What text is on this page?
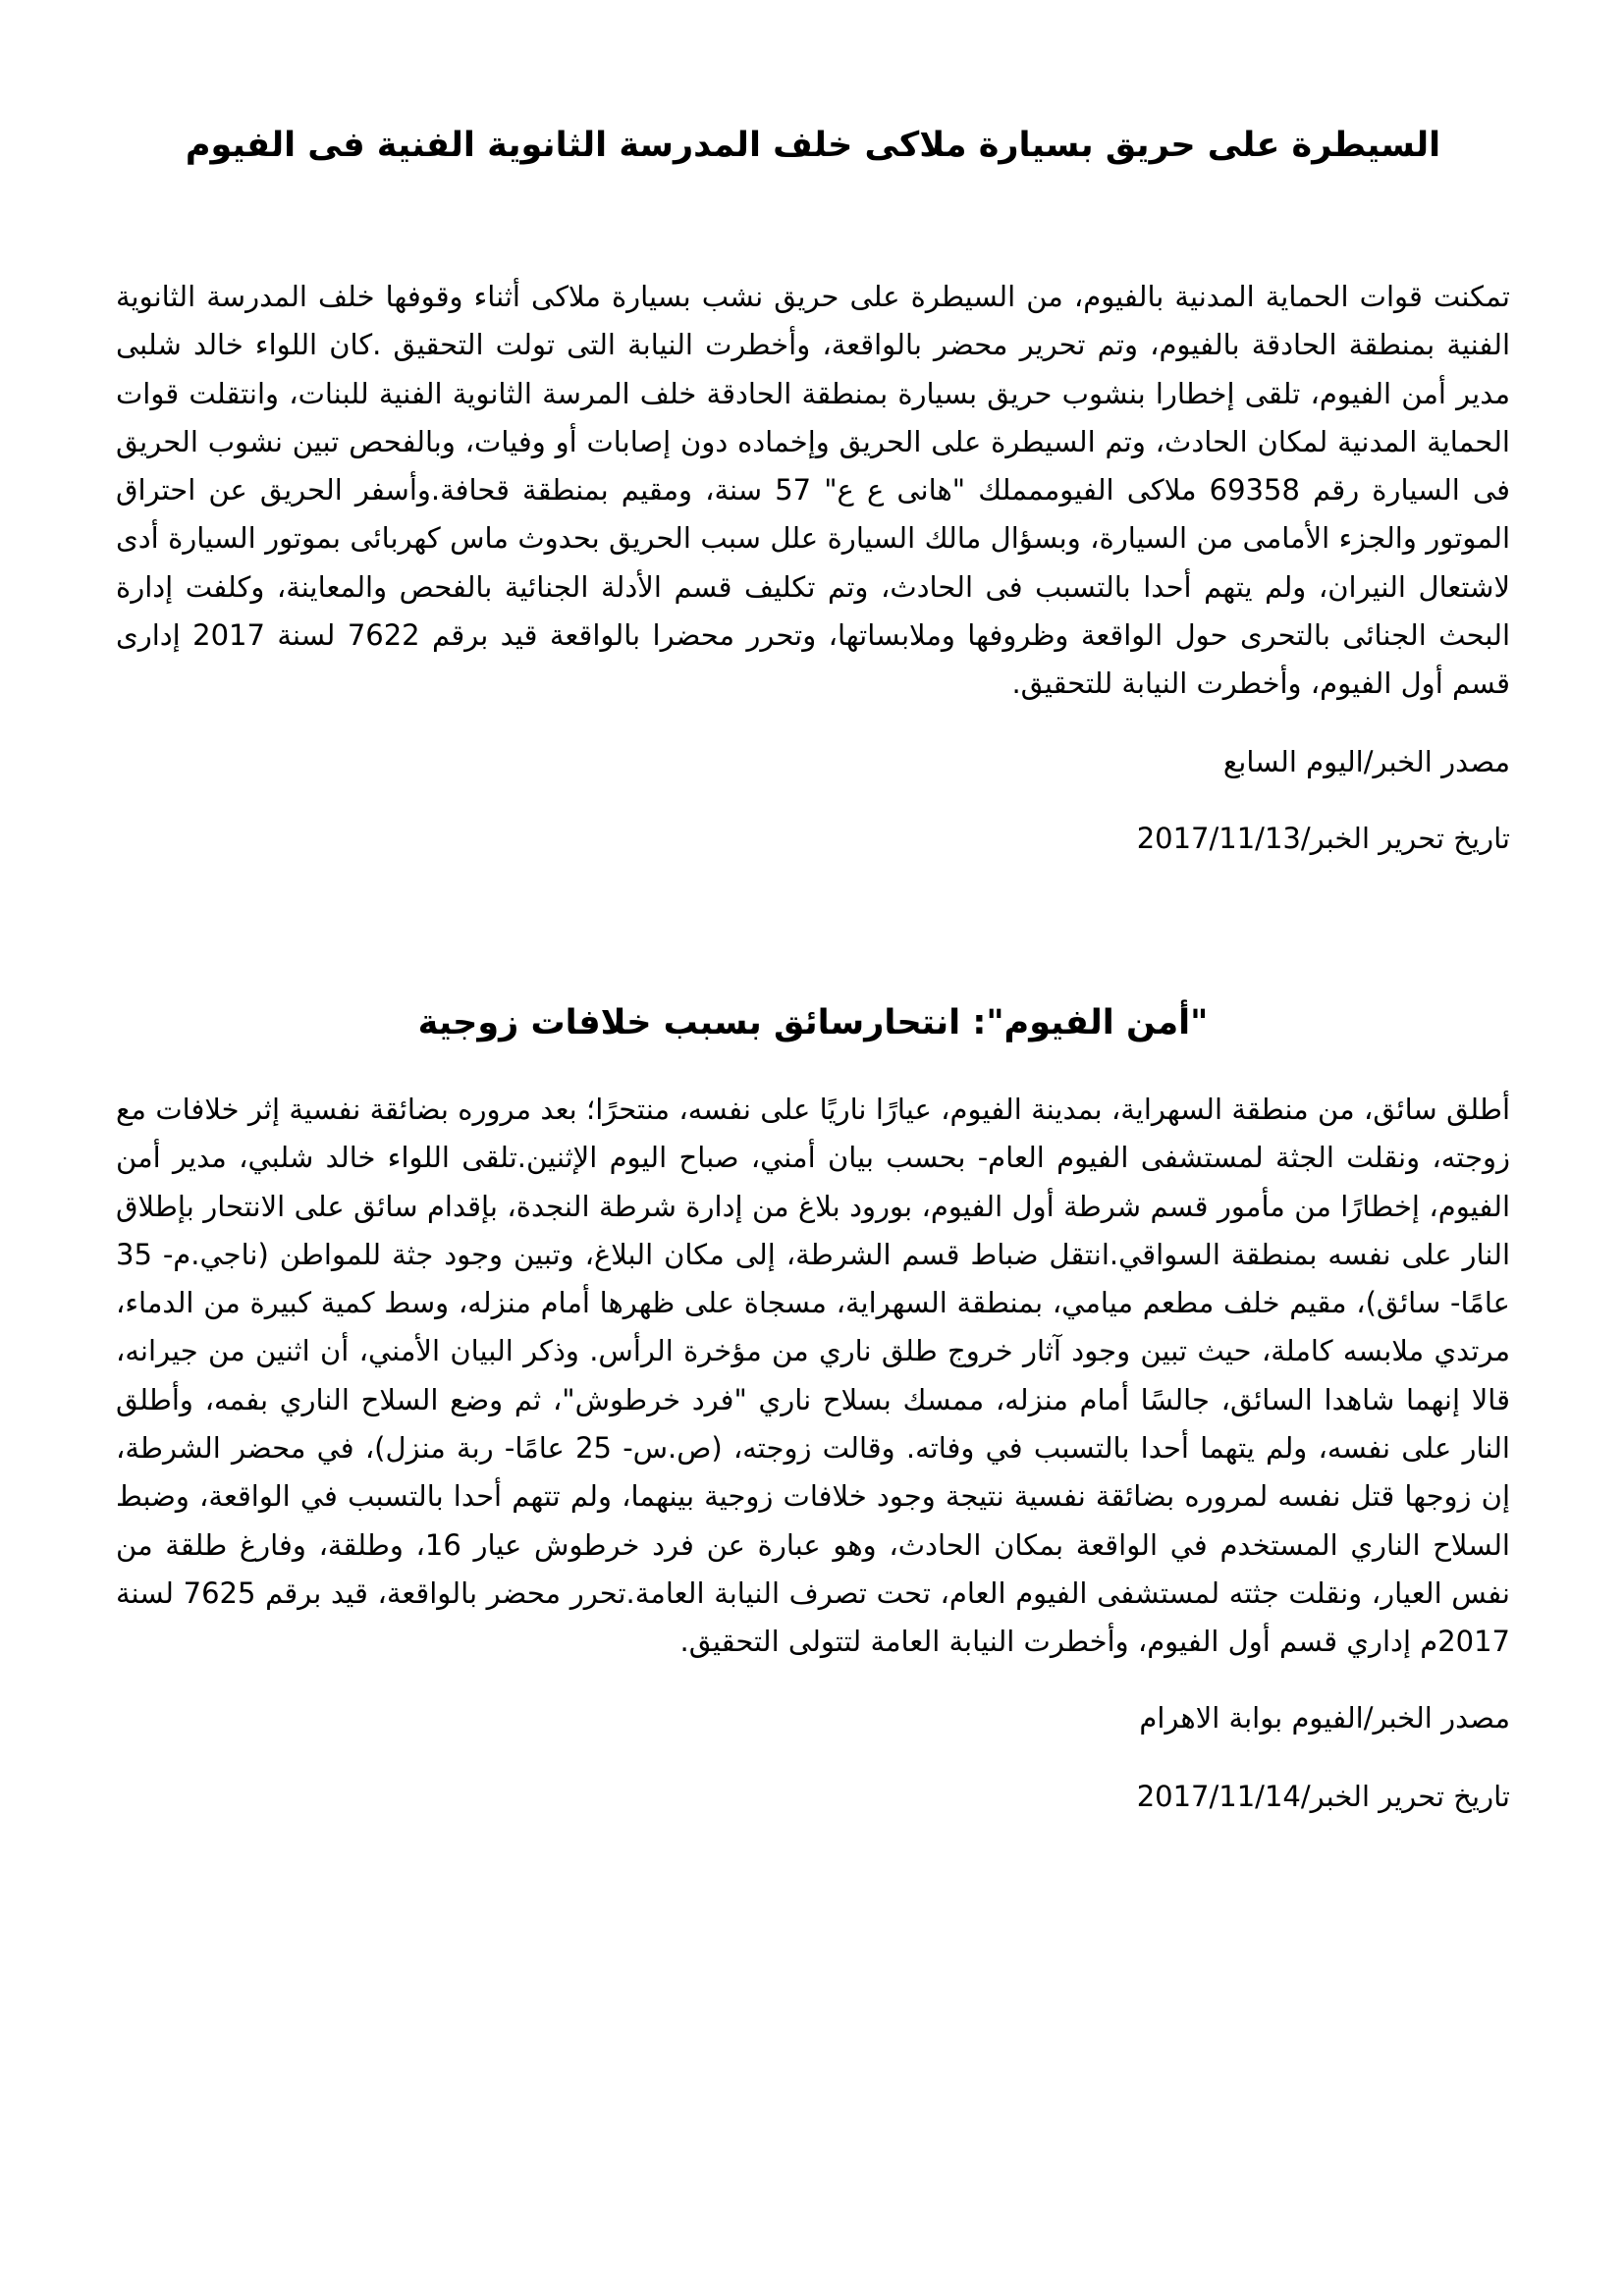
السيطرة على حريق بسيارة ملاكى خلف المدرسة الثانوية الفنية فى الفيوم

تمكنت قوات الحماية المدنية بالفيوم، من السيطرة على حريق نشب بسيارة ملاكى أثناء وقوفها خلف المدرسة الثانوية الفنية بمنطقة الحادقة بالفيوم، وتم تحرير محضر بالواقعة، وأخطرت النيابة التى تولت التحقيق .كان اللواء خالد شلبى مدير أمن الفيوم، تلقى إخطارا بنشوب حريق بسيارة بمنطقة الحادقة خلف المرسة الثانوية الفنية للبنات، وانتقلت قوات الحماية المدنية لمكان الحادث، وتم السيطرة على الحريق وإخماده دون إصابات أو وفيات، وبالفحص تبين نشوب الحريق فى السيارة رقم 69358 ملاكى الفيوممملك "هانى ع ع" 57 سنة، ومقيم بمنطقة قحافة.وأسفر الحريق عن احتراق الموتور والجزء الأمامى من السيارة، وبسؤال مالك السيارة علل سبب الحريق بحدوث ماس كهربائى بموتور السيارة أدى لاشتعال النيران، ولم يتهم أحدا بالتسبب فى الحادث، وتم تكليف قسم الأدلة الجنائية بالفحص والمعاينة، وكلفت إدارة البحث الجنائى بالتحرى حول الواقعة وظروفها وملابساتها، وتحرر محضرا بالواقعة قيد برقم 7622 لسنة 2017 إدارى قسم أول الفيوم، وأخطرت النيابة للتحقيق.

مصدر الخبر/اليوم السابع
تاريخ تحرير الخبر/2017/11/13
"أمن الفيوم": انتحارسائق بسبب خلافات زوجية

أطلق سائق، من منطقة السهراية، بمدينة الفيوم، عيارًا ناريًا على نفسه، منتحرًا؛ بعد مروره بضائقة نفسية إثر خلافات مع زوجته، ونقلت الجثة لمستشفى الفيوم العام- بحسب بيان أمني، صباح اليوم الإثنين.تلقى اللواء خالد شلبي، مدير أمن الفيوم، إخطارًا من مأمور قسم شرطة أول الفيوم، بورود بلاغ من إدارة شرطة النجدة، بإقدام سائق على الانتحار بإطلاق النار على نفسه بمنطقة السواقي.انتقل ضباط قسم الشرطة، إلى مكان البلاغ، وتبين وجود جثة للمواطن (ناجي.م- 35 عامًا- سائق)، مقيم خلف مطعم ميامي، بمنطقة السهراية، مسجاة على ظهرها أمام منزله، وسط كمية كبيرة من الدماء، مرتدي ملابسه كاملة، حيث تبين وجود آثار خروج طلق ناري من مؤخرة الرأس. وذكر البيان الأمني، أن اثنين من جيرانه، قالا إنهما شاهدا السائق، جالسًا أمام منزله، ممسك بسلاح ناري "فرد خرطوش"، ثم وضع السلاح الناري بفمه، وأطلق النار على نفسه، ولم يتهما أحدا بالتسبب في وفاته. وقالت زوجته، (ص.س- 25 عامًا- ربة منزل)، في محضر الشرطة، إن زوجها قتل نفسه لمروره بضائقة نفسية نتيجة وجود خلافات زوجية بينهما، ولم تتهم أحدا بالتسبب في الواقعة، وضبط السلاح الناري المستخدم في الواقعة بمكان الحادث، وهو عبارة عن فرد خرطوش عيار 16، وطلقة، وفارغ طلقة من نفس العيار، ونقلت جثته لمستشفى الفيوم العام، تحت تصرف النيابة العامة.تحرر محضر بالواقعة، قيد برقم 7625 لسنة 2017م إداري قسم أول الفيوم، وأخطرت النيابة العامة لتتولى التحقيق.

مصدر الخبر/الفيوم بوابة الاهرام
تاريخ تحرير الخبر/2017/11/14
